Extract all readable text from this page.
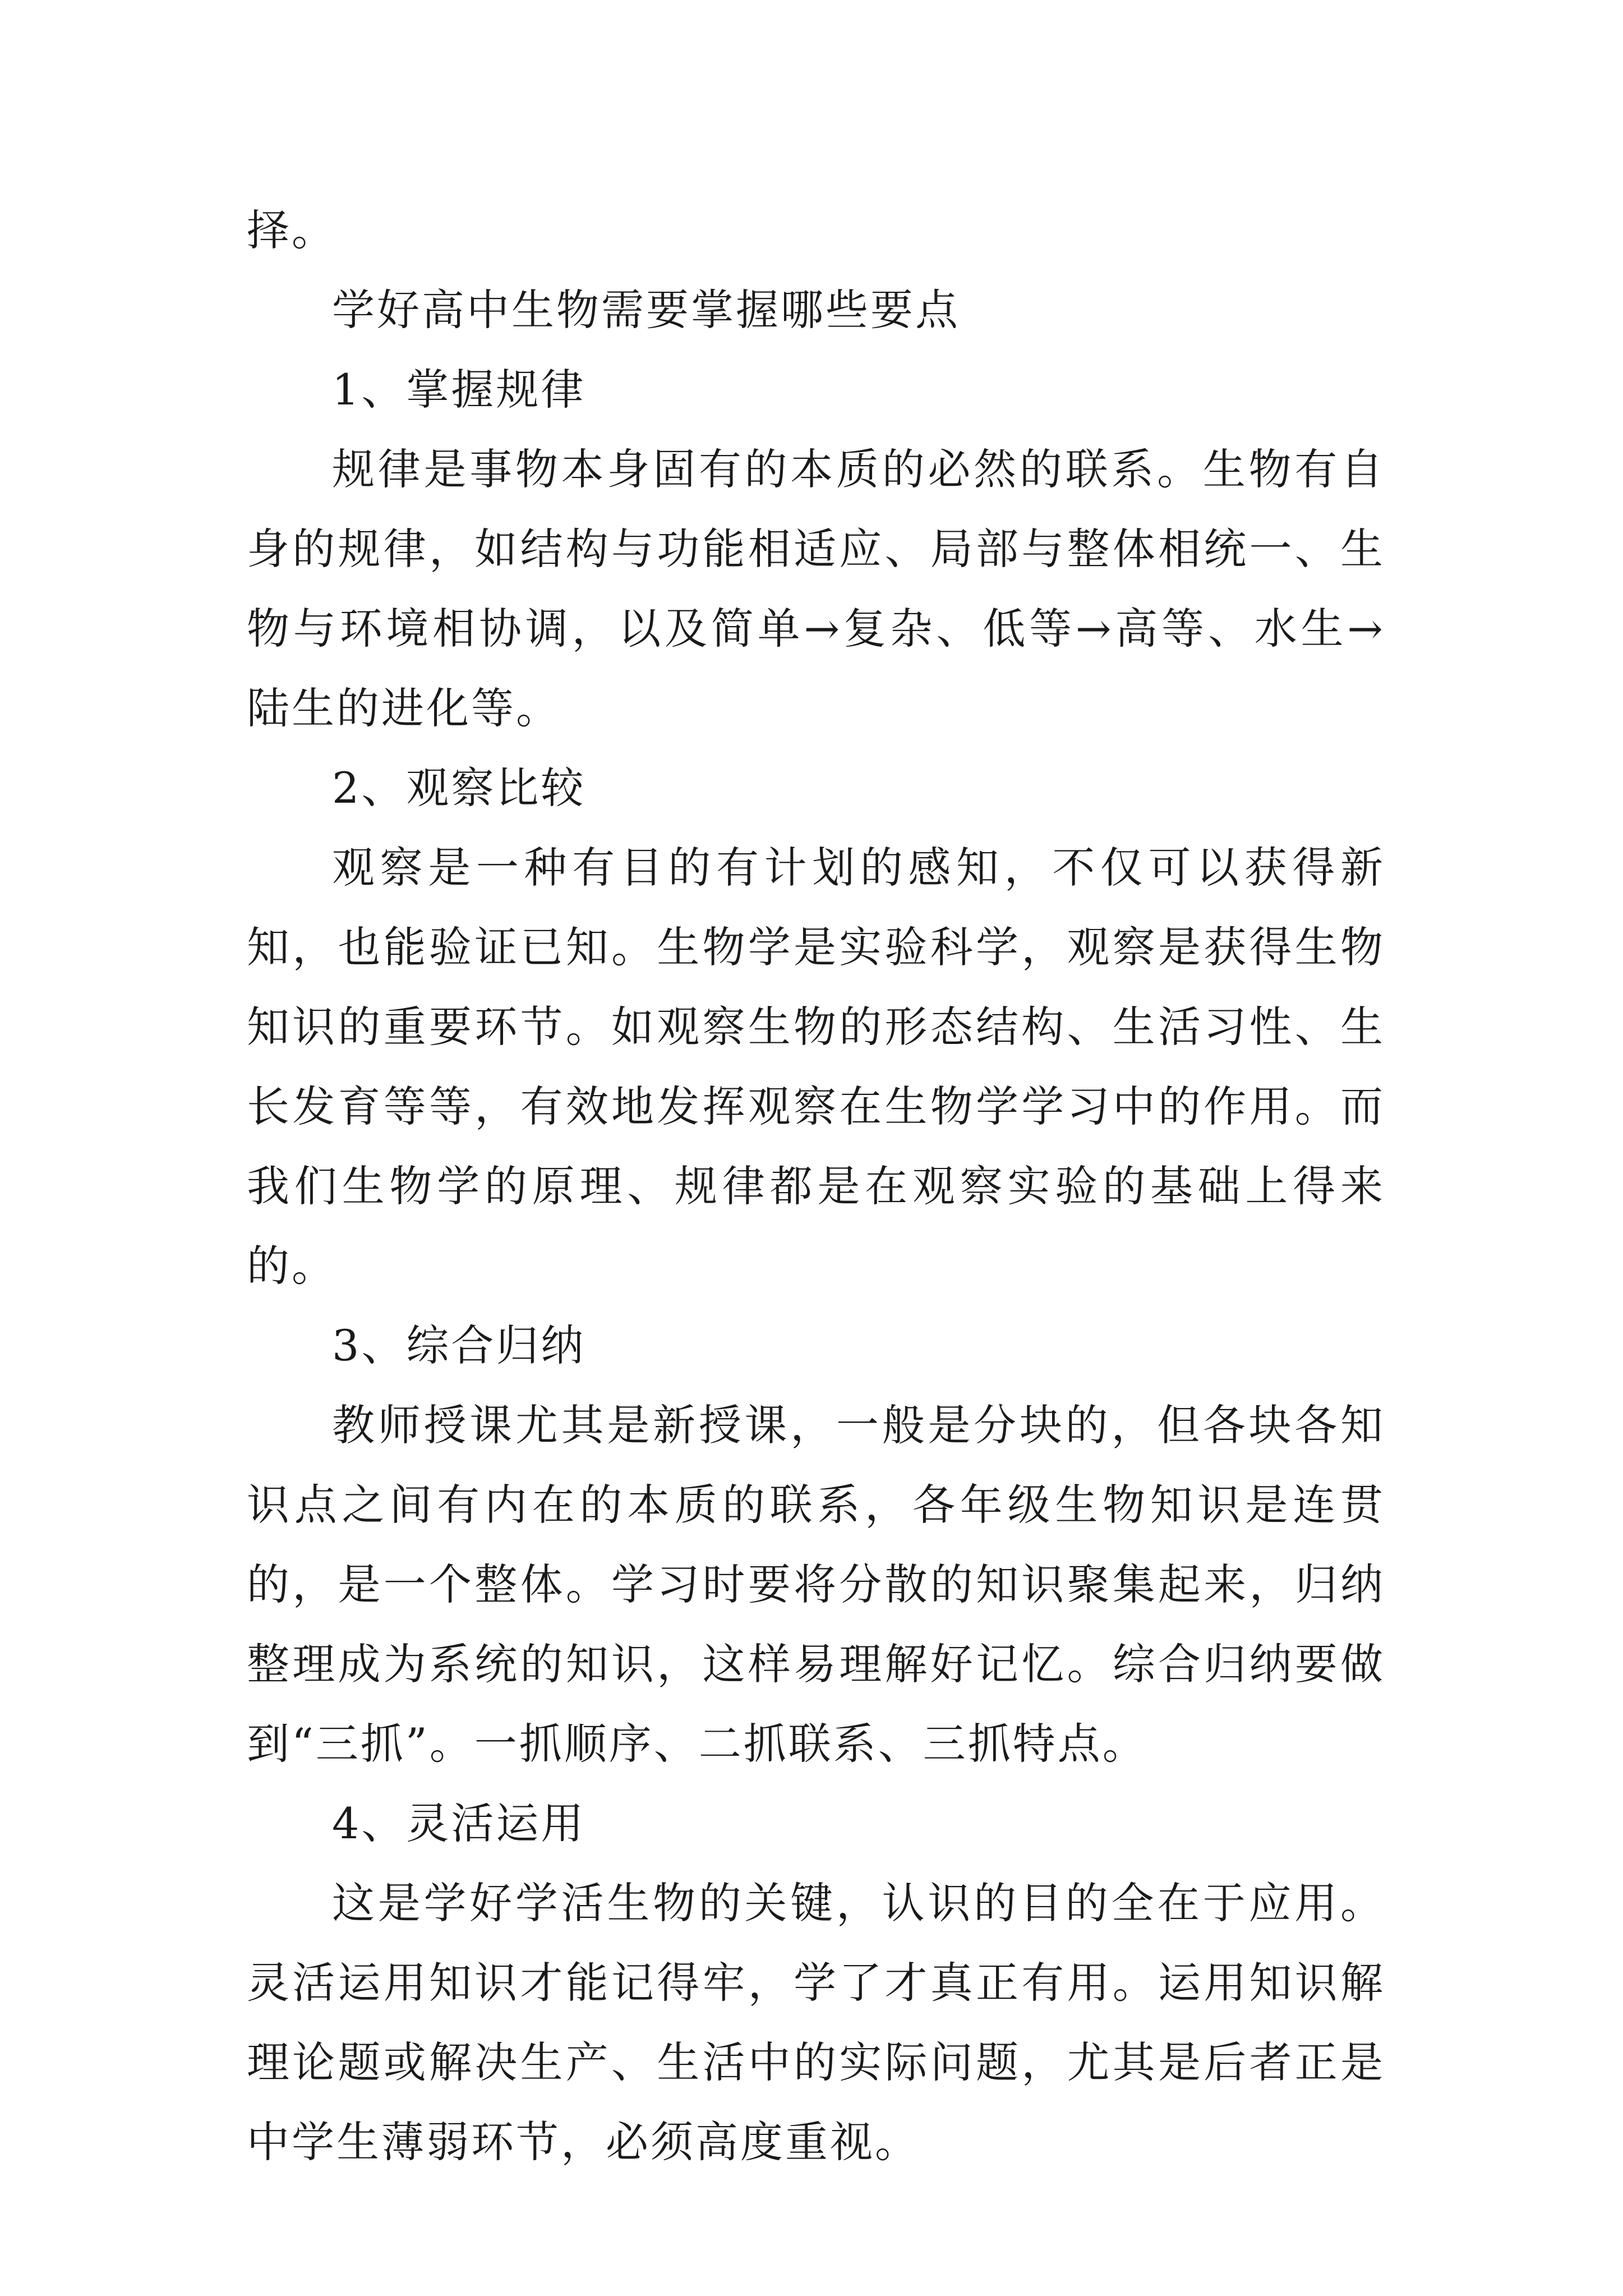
择。

学好高中生物需要掌握哪些要点

1、掌握规律

规律是事物本身固有的本质的必然的联系。生物有自身的规律，如结构与功能相适应、局部与整体相统一、生物与环境相协调，以及简单→复杂、低等→高等、水生→陆生的进化等。

2、观察比较

观察是一种有目的有计划的感知，不仅可以获得新知，也能验证已知。生物学是实验科学，观察是获得生物知识的重要环节。如观察生物的形态结构、生活习性、生长发育等等，有效地发挥观察在生物学学习中的作用。而我们生物学的原理、规律都是在观察实验的基础上得来的。

3、综合归纳

教师授课尤其是新授课，一般是分块的，但各块各知识点之间有内在的本质的联系，各年级生物知识是连贯的，是一个整体。学习时要将分散的知识聚集起来，归纳整理成为系统的知识，这样易理解好记忆。综合归纳要做到“三抓”。一抓顺序、二抓联系、三抓特点。

4、灵活运用

这是学好学活生物的关键，认识的目的全在于应用。灵活运用知识才能记得牢，学了才真正有用。运用知识解理论题或解决生产、生活中的实际问题，尤其是后者正是中学生薄弱环节，必须高度重视。
